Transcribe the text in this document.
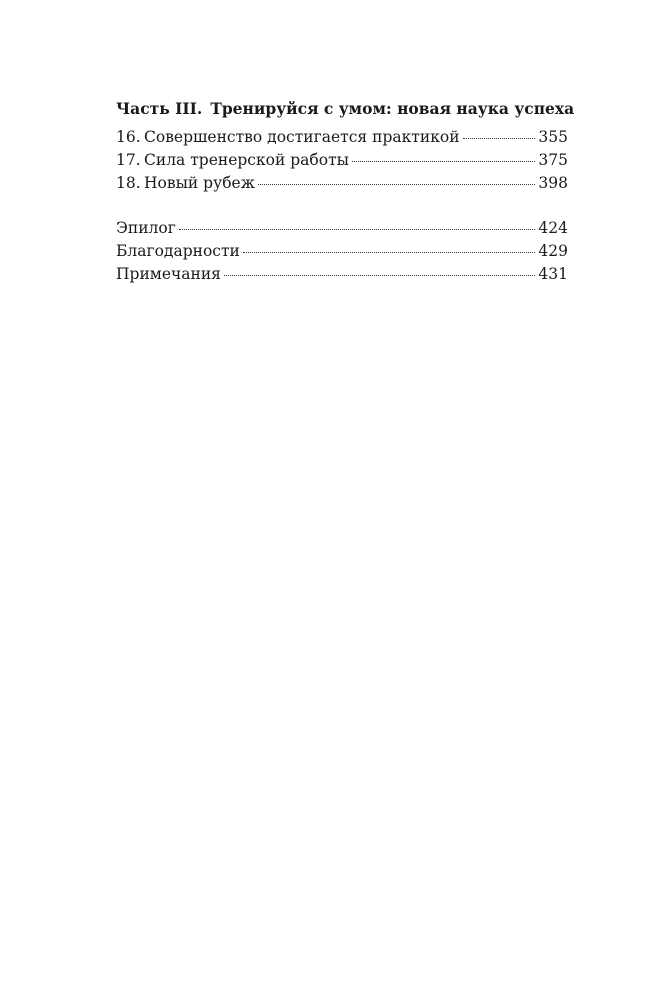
Часть III. Тренируйся с умом: новая наука успеха
16. Совершенство достигается практикой	355
17. Сила тренерской работы	375
18. Новый рубеж	398
Эпилог	424
Благодарности	429
Примечания	431
